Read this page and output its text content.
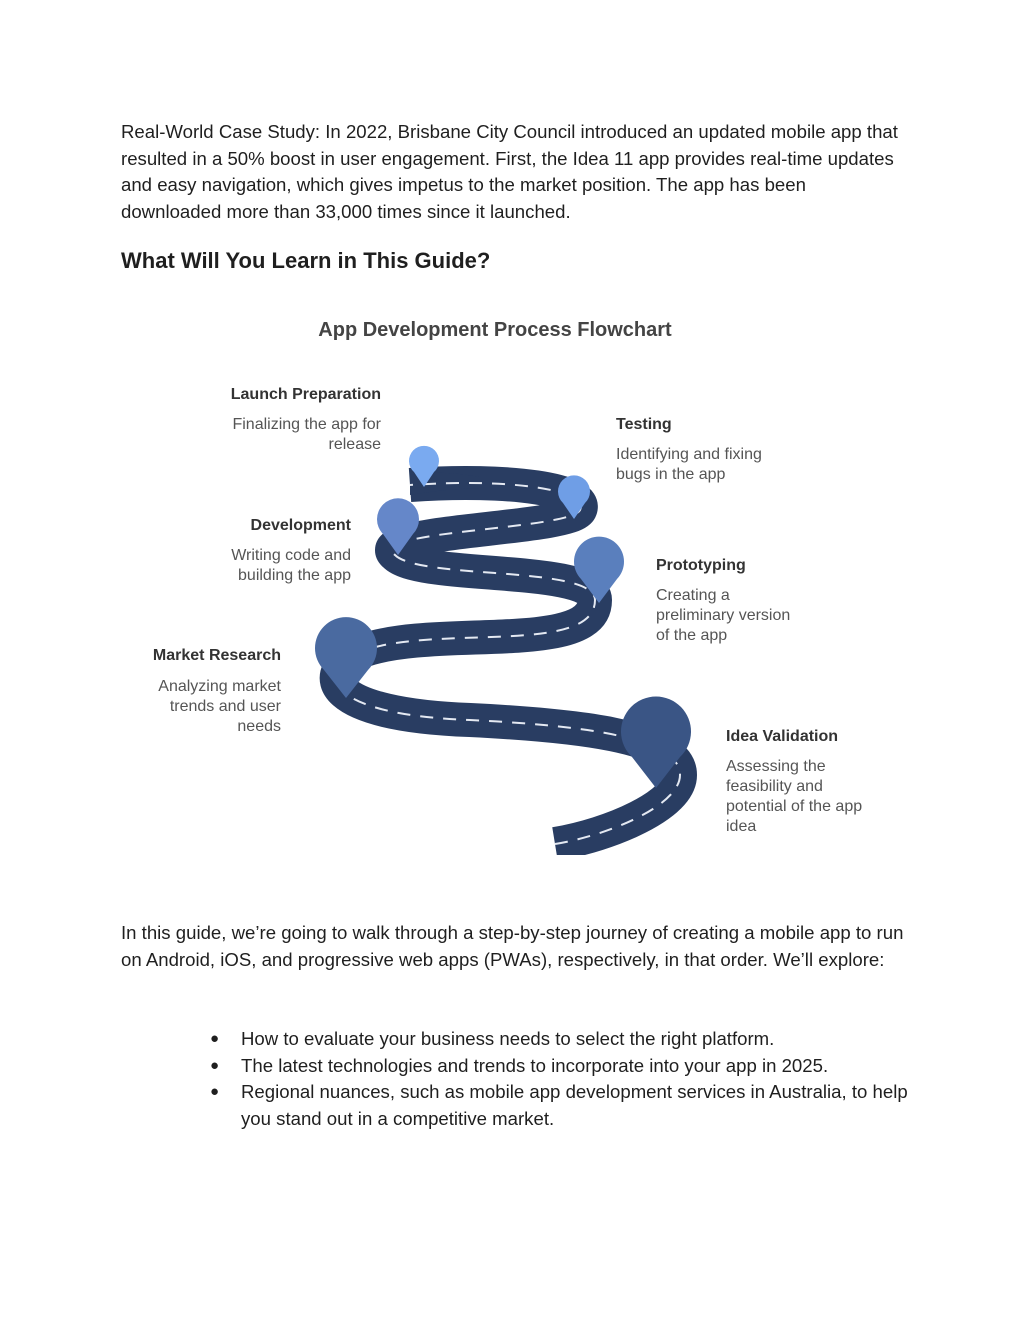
Real-World Case Study: In 2022, Brisbane City Council introduced an updated mobile app that resulted in a 50% boost in user engagement. First, the Idea 11 app provides real-time updates and easy navigation, which gives impetus to the market position. The app has been downloaded more than 33,000 times since it launched.

What Will You Learn in This Guide?
App Development Process Flowchart
Launch Preparation
Finalizing the app for
release
Testing
Identifying and fixing
bugs in the app
Development
Writing code and
building the app
Prototyping
Creating a
preliminary version
of the app
Market Research
Analyzing market
trends and user
needs
Idea Validation
Assessing the
feasibility and
potential of the app
idea

In this guide, we’re going to walk through a step-by-step journey of creating a mobile app to run on Android, iOS, and progressive web apps (PWAs), respectively, in that order. We’ll explore:

● How to evaluate your business needs to select the right platform.
● The latest technologies and trends to incorporate into your app in 2025.
● Regional nuances, such as mobile app development services in Australia, to help you stand out in a competitive market.
